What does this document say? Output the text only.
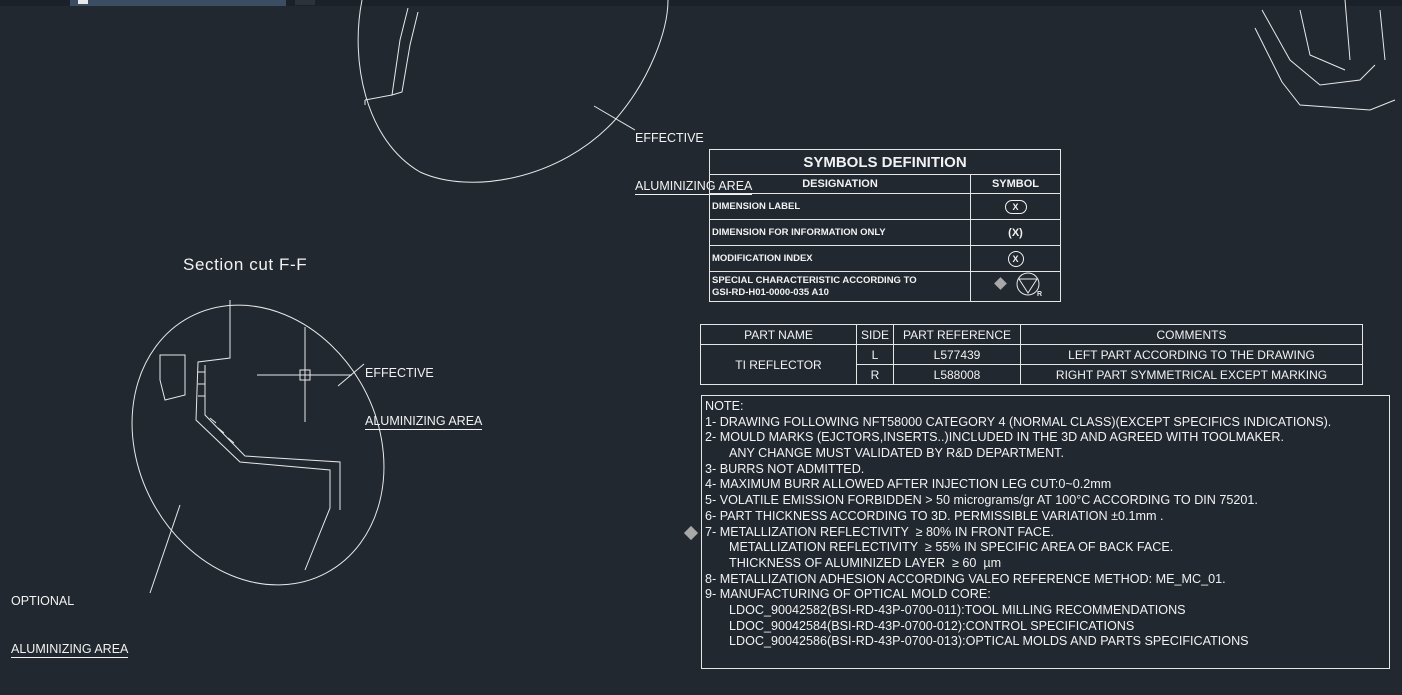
EFFECTIVE

ALUMINIZING AREA

EFFECTIVE

ALUMINIZING AREA

OPTIONAL

ALUMINIZING AREA

Section cut F-F
SYMBOLS DEFINITION	
DESIGNATION	SYMBOL
DIMENSION LABEL	X
DIMENSION FOR INFORMATION ONLY	(X)
MODIFICATION INDEX	X

SPECIAL CHARACTERISTIC ACCORDING TO
GSI-RD-H01-0000-035 A10	R
PART NAME	SIDE	PART REFERENCE	COMMENTS
TI REFLECTOR	L	L577439	LEFT PART ACCORDING TO THE DRAWING
	R	L588008	RIGHT PART SYMMETRICAL EXCEPT MARKING
NOTE:
1- DRAWING FOLLOWING NFT58000 CATEGORY 4 (NORMAL CLASS)(EXCEPT SPECIFICS INDICATIONS).
2- MOULD MARKS (EJCTORS,INSERTS..)INCLUDED IN THE 3D AND AGREED WITH TOOLMAKER.
ANY CHANGE MUST VALIDATED BY R&D DEPARTMENT.
3- BURRS NOT ADMITTED.
4- MAXIMUM BURR ALLOWED AFTER INJECTION LEG CUT:0~0.2mm
5- VOLATILE EMISSION FORBIDDEN > 50 micrograms/gr AT 100°C ACCORDING TO DIN 75201.
6- PART THICKNESS ACCORDING TO 3D. PERMISSIBLE VARIATION ±0.1mm .
7- METALLIZATION REFLECTIVITY  ≥ 80% IN FRONT FACE.
METALLIZATION REFLECTIVITY  ≥ 55% IN SPECIFIC AREA OF BACK FACE.
THICKNESS OF ALUMINIZED LAYER  ≥ 60  µm
8- METALLIZATION ADHESION ACCORDING VALEO REFERENCE METHOD: ME_MC_01.
9- MANUFACTURING OF OPTICAL MOLD CORE:
LDOC_90042582(BSI-RD-43P-0700-011):TOOL MILLING RECOMMENDATIONS
LDOC_90042584(BSI-RD-43P-0700-012):CONTROL SPECIFICATIONS
LDOC_90042586(BSI-RD-43P-0700-013):OPTICAL MOLDS AND PARTS SPECIFICATIONS
